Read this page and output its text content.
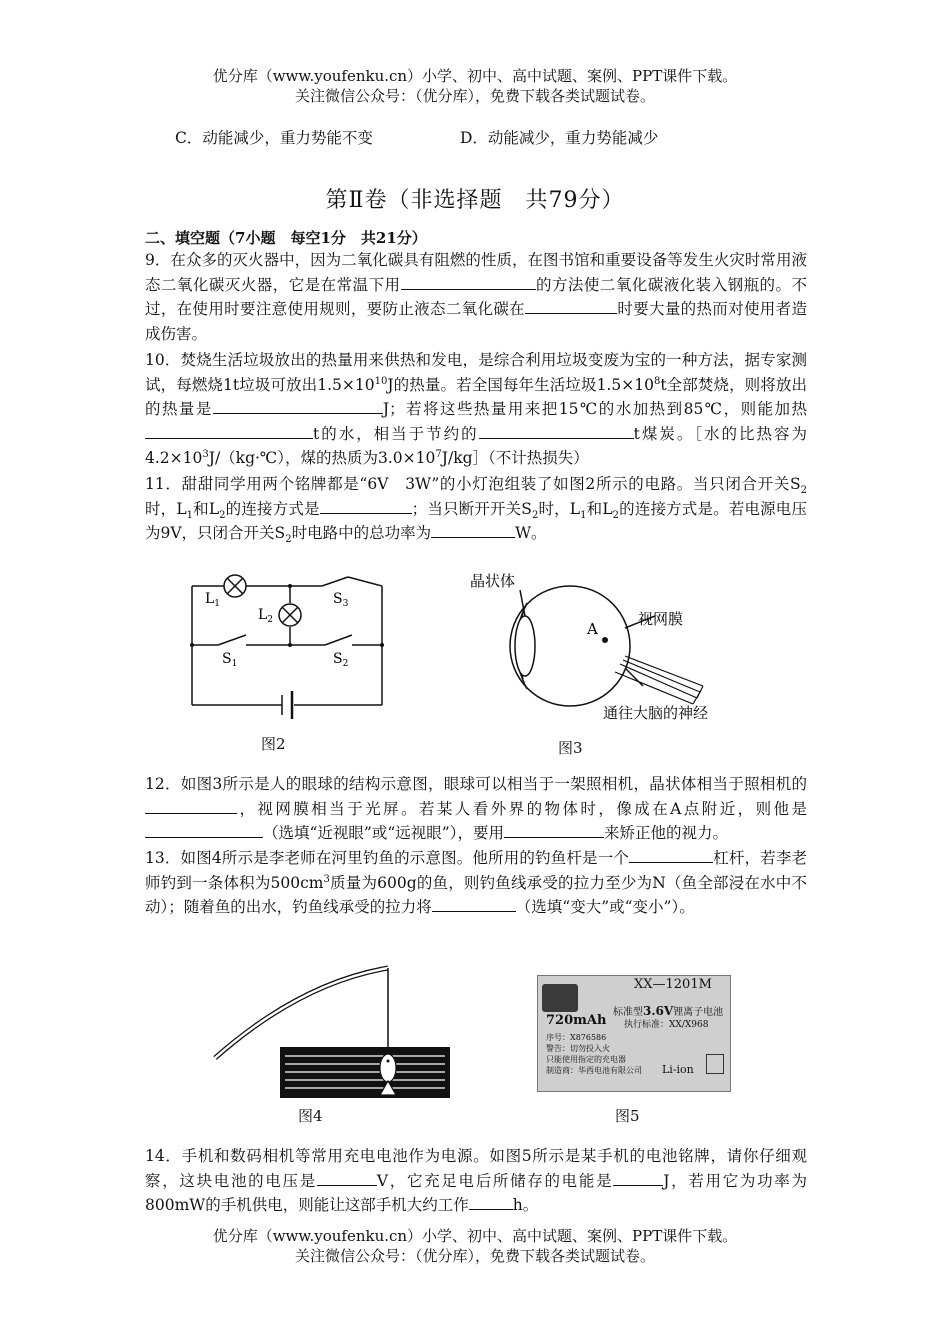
优分库（www.youfenku.cn）小学、初中、高中试题、案例、PPT课件下载。
关注微信公众号：（优分库），免费下载各类试题试卷。
C．动能减少，重力势能不变	D．动能减少，重力势能减少
第Ⅱ卷（非选择题　共79分）
二、填空题（7小题　每空1分　共21分）

9．在众多的灭火器中，因为二氧化碳具有阻燃的性质，在图书馆和重要设备等发生火灾时常用液态二氧化碳灭火器，它是在常温下用	的方法使二氧化碳液化装入钢瓶的。不过，在使用时要注意使用规则，要防止液态二氧化碳在	时要大量的热而对使用者造成伤害。

10．焚烧生活垃圾放出的热量用来供热和发电，是综合利用垃圾变废为宝的一种方法，据专家测试，每燃烧1t垃圾可放出$1.5\times 10^{10}J$的热量。若全国每年生活垃圾$1.5\times 10^8t$全部焚烧，则将放出的热量是	J；若将这些热量用来把15℃的水加热到85℃，则能加热t的水，相当于节约的	t煤炭。［水的比热容为$4.2\times 10^3J/(kg\cdot℃)$，煤的热质为$3.0\times 10^7J/kg]$（不计热损失）

11．甜甜同学用两个铭牌都是“6V　3W”的小灯泡组装了如图2所示的电路。当只闭合开关$S_2$时，$L_1$和$L_2$的连接方式是	；当只断开开关$S_2$时，$L_1$和$L_2$的连接方式是。若电源电压为9V，只闭合开关$S_2$时电路中的总功率为	W。

$L_1$
$L_2$
$S_3$
$S_1$	$S_2$
图2
晶状体
视网膜
A
通往大脑的神经
图3

12．如图3所示是人的眼球的结构示意图，眼球可以相当于一架照相机，晶状体相当于照相机的，视网膜相当于光屏。若某人看外界的物体时，像成在A点附近，则他是（选填“近视眼”或“远视眼”），要用	来矫正他的视力。

13．如图4所示是李老师在河里钓鱼的示意图。他所用的钓鱼杆是一个	杠杆，若李老师钓到一条体积为$500cm^3$质量为600g的鱼，则钓鱼线承受的拉力至少为N（鱼全部浸在水中不动）；随着鱼的出水，钓鱼线承受的拉力将	（选填“变大”或“变小”）。

图4
XX—1201M
标准型3.6V锂离子电池
执行标准：XX/X968
720mAh
序号：X876586
警告：切勿投入火
只能使用指定的充电器
制造商：华西电池有限公司 Li-ion
图5

14．手机和数码相机等常用充电电池作为电源。如图5所示是某手机的电池铭牌，请你仔细观察，这块电池的电压是	V，它充足电后所储存的电能是	J，若用它为功率为800mW的手机供电，则能让这部手机大约工作	h。

优分库（www.youfenku.cn）小学、初中、高中试题、案例、PPT课件下载。
关注微信公众号：（优分库），免费下载各类试题试卷。
